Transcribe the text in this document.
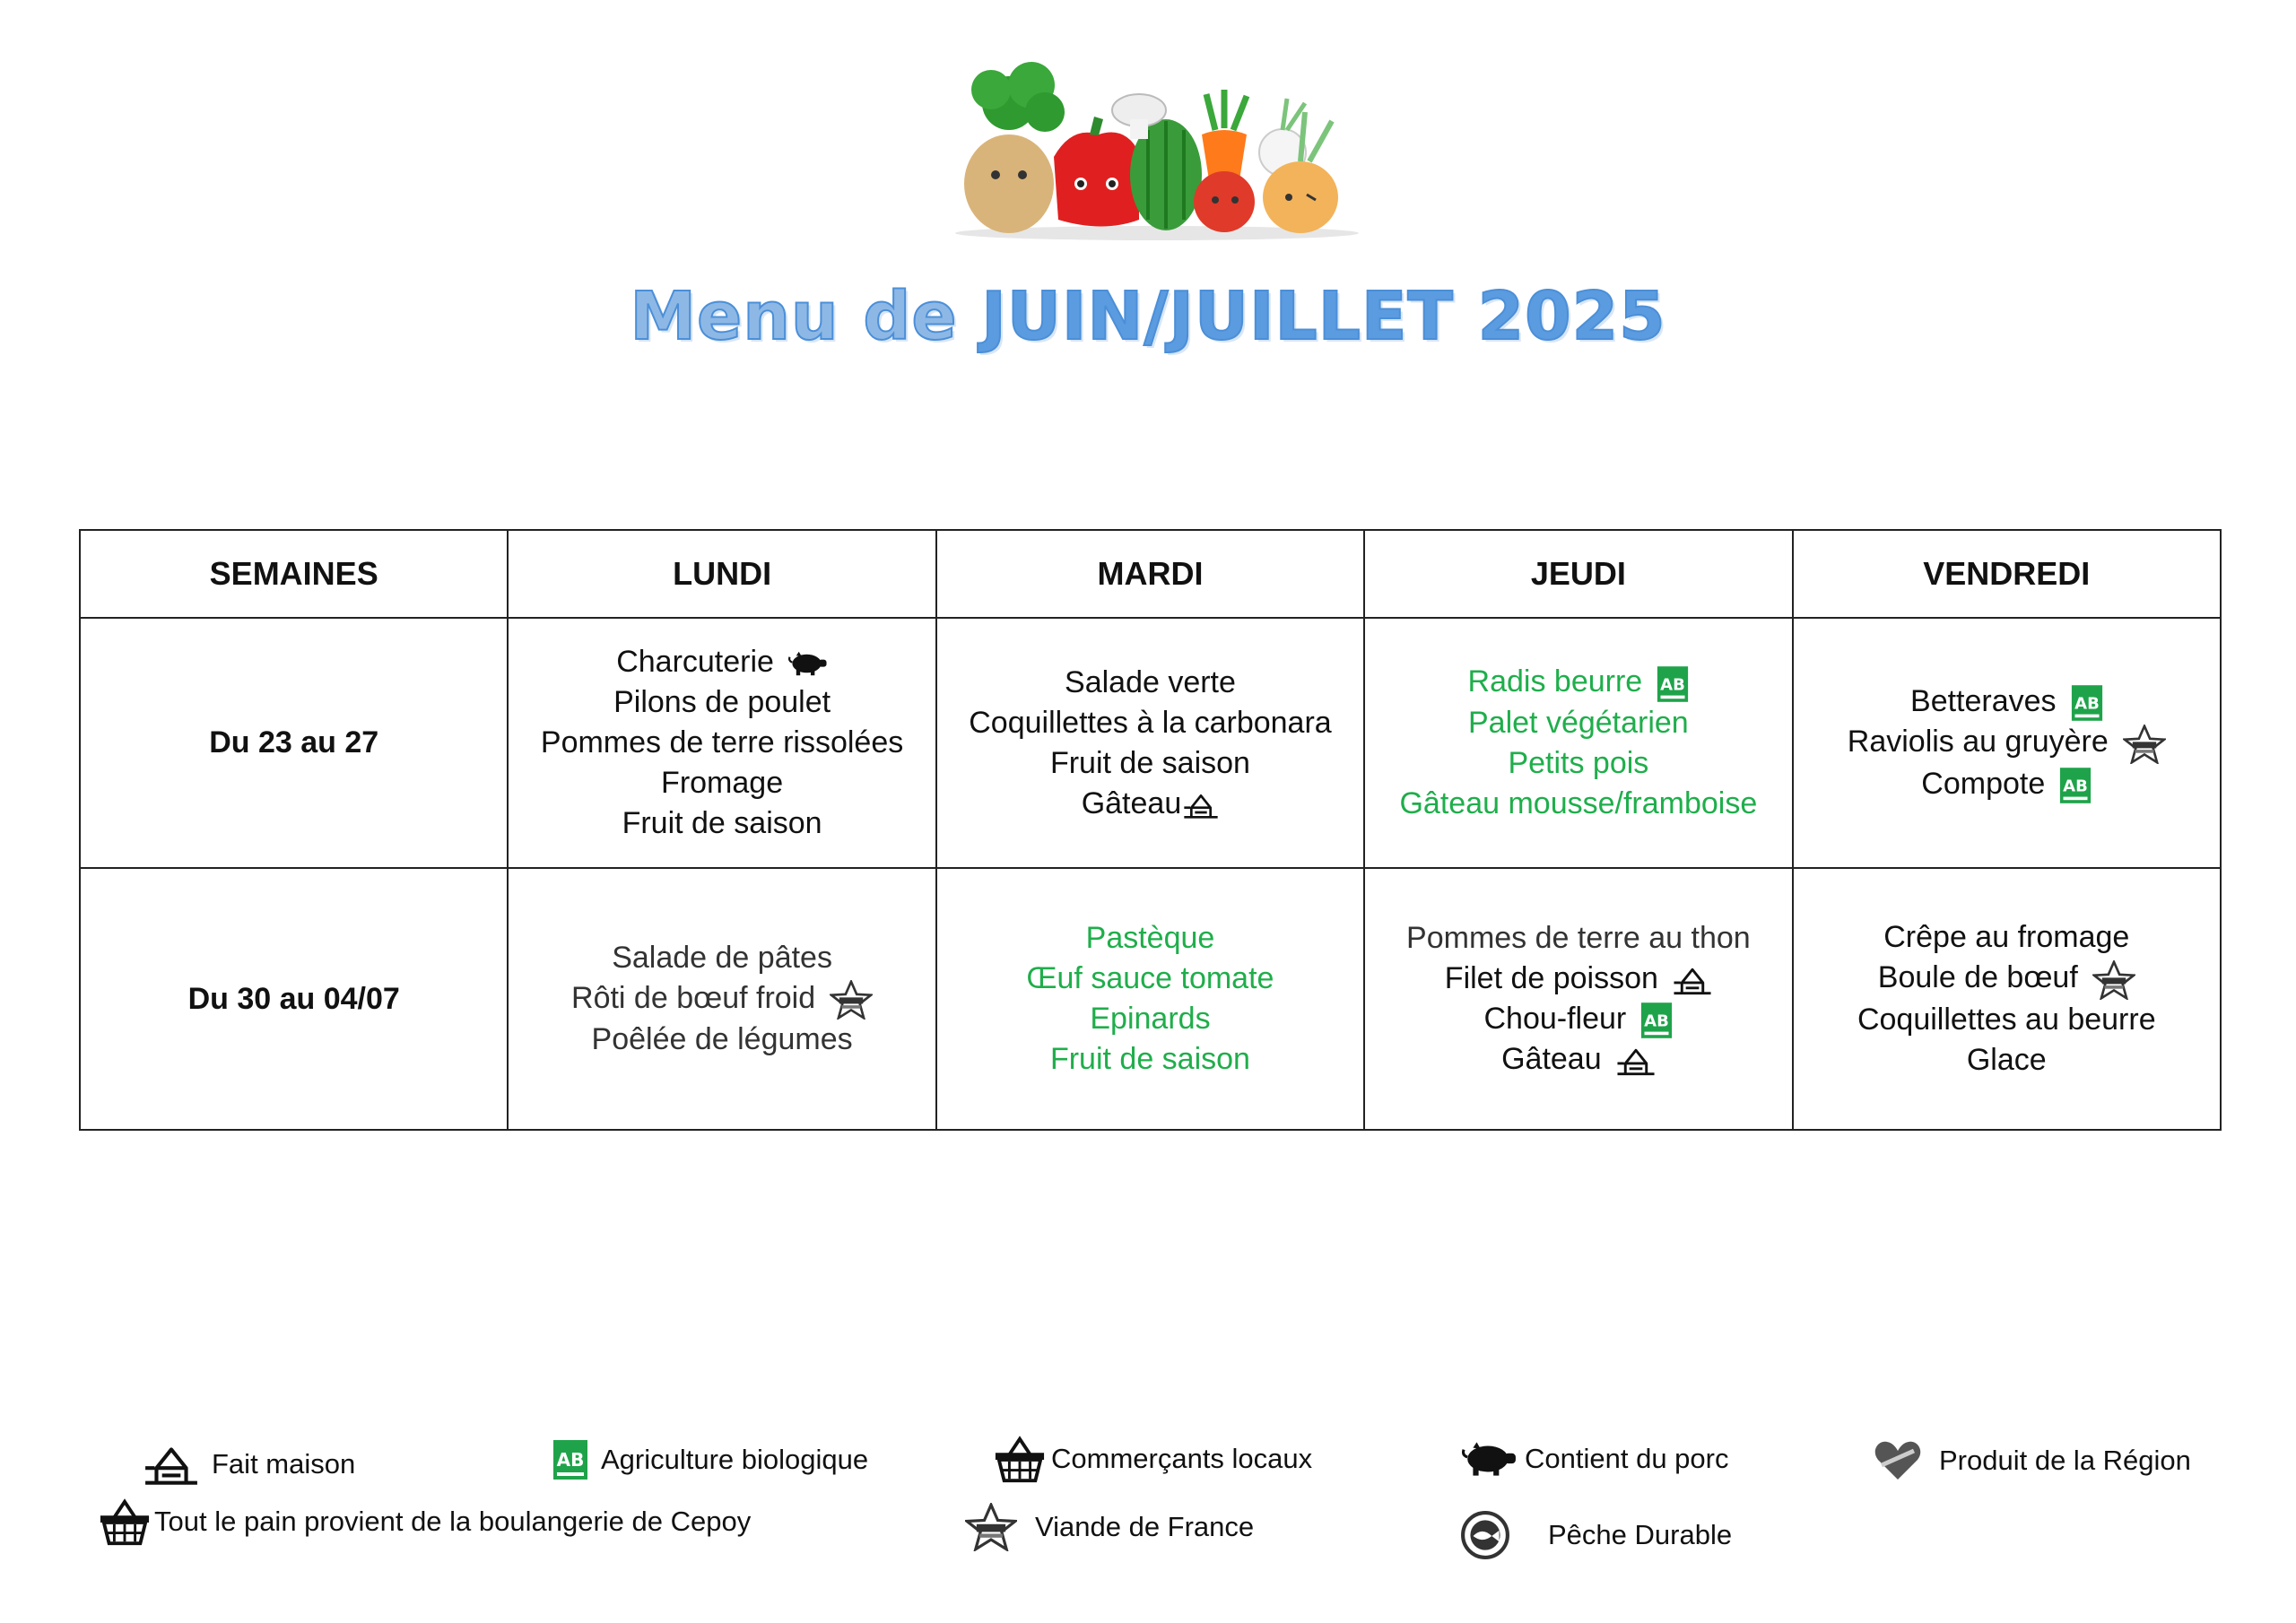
Menu de JUIN/JUILLET 2025
SEMAINES	LUNDI	MARDI	JEUDI	VENDREDI
Du 23 au 27	Charcuterie
Pilons de poulet
Pommes de terre rissolées
Fromage
Fruit de saison	Salade verte
Coquillettes à la carbonara
Fruit de saison
Gâteau	Radis beurre
Palet végétarien
Petits pois
Gâteau mousse/framboise	Betteraves
Raviolis au gruyère
Compote

Du 30 au 04/07	Salade de pâtes
Rôti de bœuf froid
Poêlée de légumes	Pastèque
Œuf sauce tomate
Epinards
Fruit de saison	Pommes de terre au thon
Filet de poisson
Chou-fleur
Gâteau	Crêpe au fromage
Boule de bœuf
Coquillettes au beurre
Glace
Fait maison	Agriculture biologique	Commerçants locaux	Contient du porc	Produit de la Région
Tout le pain provient de la boulangerie de Cepoy	Viande de France	Pêche Durable
